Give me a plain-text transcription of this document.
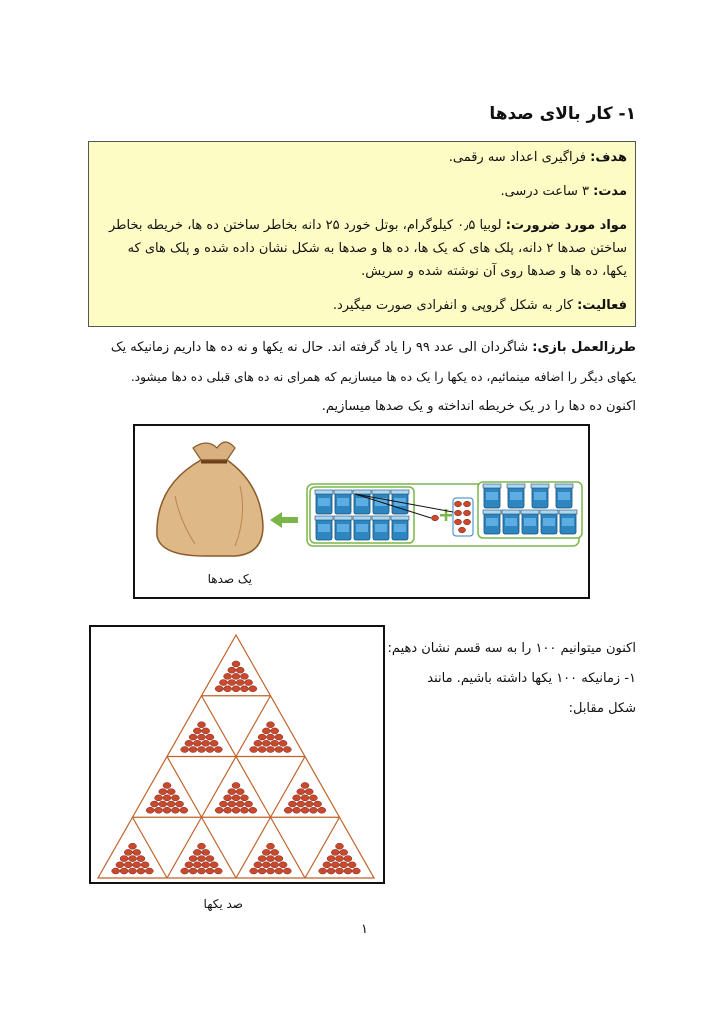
۱- کار بالای صدها
هدف: فراگیری اعداد سه رقمی.
مدت: ۳ ساعت درسی.
مواد مورد ضرورت: لوبیا ۰٫۵ کیلوگرام، بوتل خورد ۲۵ دانه بخاطر ساختن ده ها، خریطه بخاطر
ساختن صدها ۲ دانه، پلک های که یک ها، ده ها و صدها به شکل نشان داده شده و پلک های که
یکها، ده ها و صدها روی آن نوشته شده و سریش.
فعالیت: کار به شکل گروپی و انفرادی صورت میگیرد.
طرزالعمل بازی: شاگردان الی عدد ۹۹ را یاد گرفته اند. حال نه یکها و نه ده ها داریم زمانیکه یک
یکهای دیگر را اضافه مینمائیم، ده یکها را یک ده ها میسازیم که همرای نه ده های قبلی ده دها میشود.
اکنون ده دها را در یک خریطه انداخته و یک صدها میسازیم.
یک صدها
اکنون میتوانیم ۱۰۰ را به سه قسم نشان دهیم:
۱- زمانیکه ۱۰۰ یکها داشته باشیم. مانند
شکل مقابل:
صد یکها
۱
